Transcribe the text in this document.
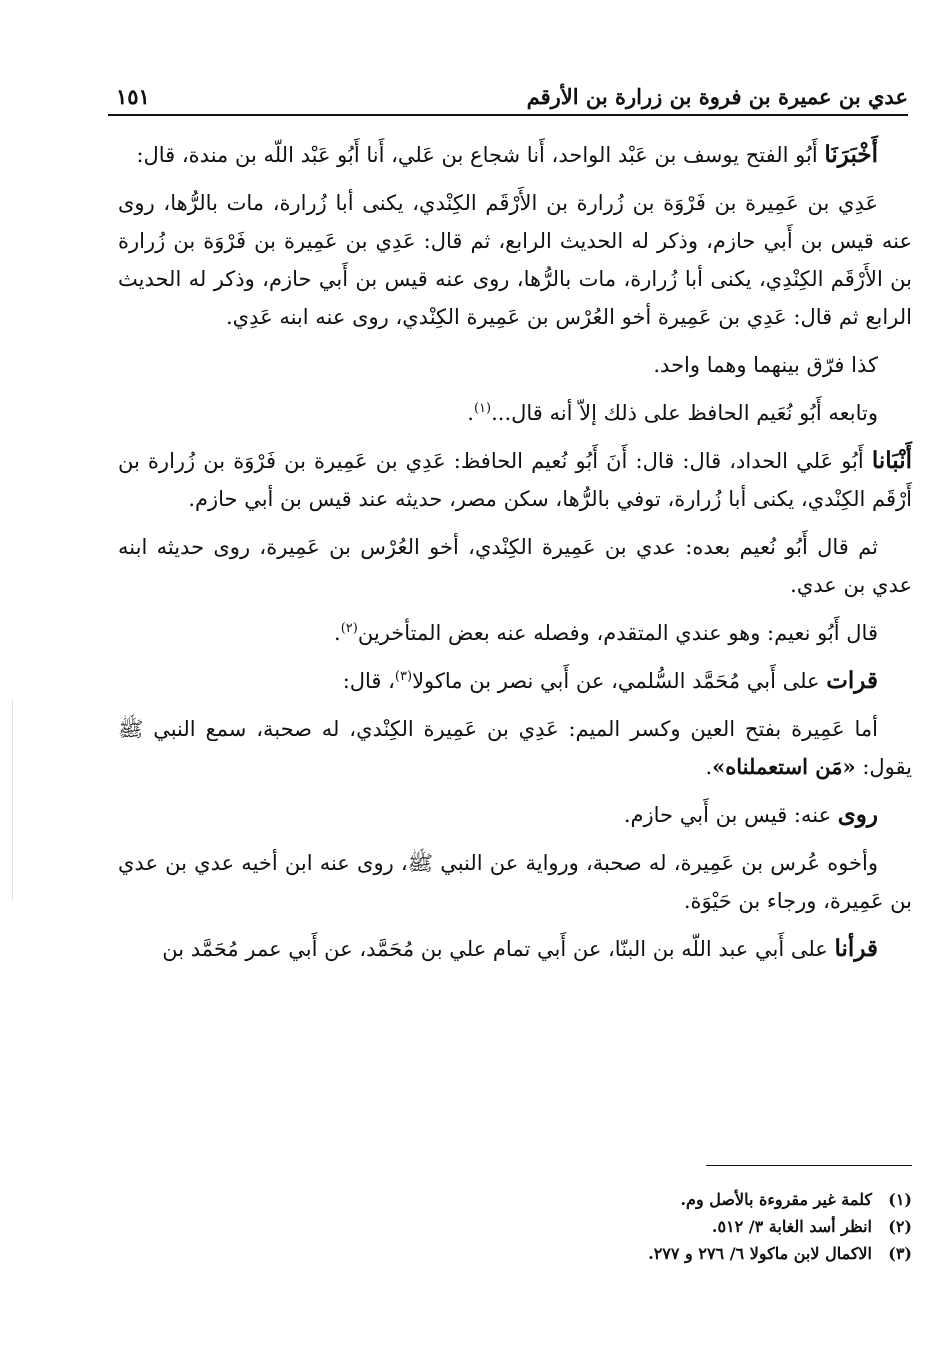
عدي بن عميرة بن فروة بن زرارة بن الأرقم
١٥١

أَخْبَرَنَا أَبُو الفتح يوسف بن عَبْد الواحد، أَنا شجاع بن عَلي، أَنا أَبُو عَبْد اللّه بن مندة، قال:

عَدِي بن عَمِيرة بن فَرْوَة بن زُرارة بن الأَرْقَم الكِنْدي، يكنى أبا زُرارة، مات بالرُّها، روى عنه قيس بن أَبي حازم، وذكر له الحديث الرابع، ثم قال: عَدِي بن عَمِيرة بن فَرْوَة بن زُرارة بن الأَرْقَم الكِنْدِي، يكنى أبا زُرارة، مات بالرُّها، روى عنه قيس بن أَبي حازم، وذكر له الحديث الرابع ثم قال: عَدِي بن عَمِيرة أخو العُرْس بن عَمِيرة الكِنْدي، روى عنه ابنه عَدِي.

كذا فرّق بينهما وهما واحد.

وتابعه أَبُو نُعَيم الحافظ على ذلك إلاّ أنه قال...$^{(١)}$.

أَنْبَانا أَبُو عَلي الحداد، قال: قال: أَنَ أَبُو نُعيم الحافظ: عَدِي بن عَمِيرة بن فَرْوَة بن زُرارة بن أَرْقَم الكِنْدي، يكنى أبا زُرارة، توفي بالرُّها، سكن مصر، حديثه عند قيس بن أبي حازم.

ثم قال أَبُو نُعيم بعده: عدي بن عَمِيرة الكِنْدي، أخو العُرْس بن عَمِيرة، روى حديثه ابنه عدي بن عدي.

قال أَبُو نعيم: وهو عندي المتقدم، وفصله عنه بعض المتأخرين$^{(٢)}$.

قرات على أَبي مُحَمَّد السُّلمي، عن أَبي نصر بن ماكولا$^{(٣)}$، قال:

أما عَمِيرة بفتح العين وكسر الميم: عَدِي بن عَمِيرة الكِنْدي، له صحبة، سمع النبي ﷺ يقول: «مَن استعملناه».

روى عنه: قيس بن أَبي حازم.

وأخوه عُرس بن عَمِيرة، له صحبة، ورواية عن النبي ﷺ، روى عنه ابن أخيه عدي بن عدي بن عَمِيرة، ورجاء بن حَيْوَة.

قرأنا على أَبي عبد اللّه بن البنّا، عن أَبي تمام علي بن مُحَمَّد، عن أَبي عمر مُحَمَّد بن

(١)كلمة غير مقروءة بالأصل وم.
(٢)انظر أسد الغابة ٣/ ٥١٢.
(٣)الاكمال لابن ماكولا ٦/ ٢٧٦ و ٢٧٧.
